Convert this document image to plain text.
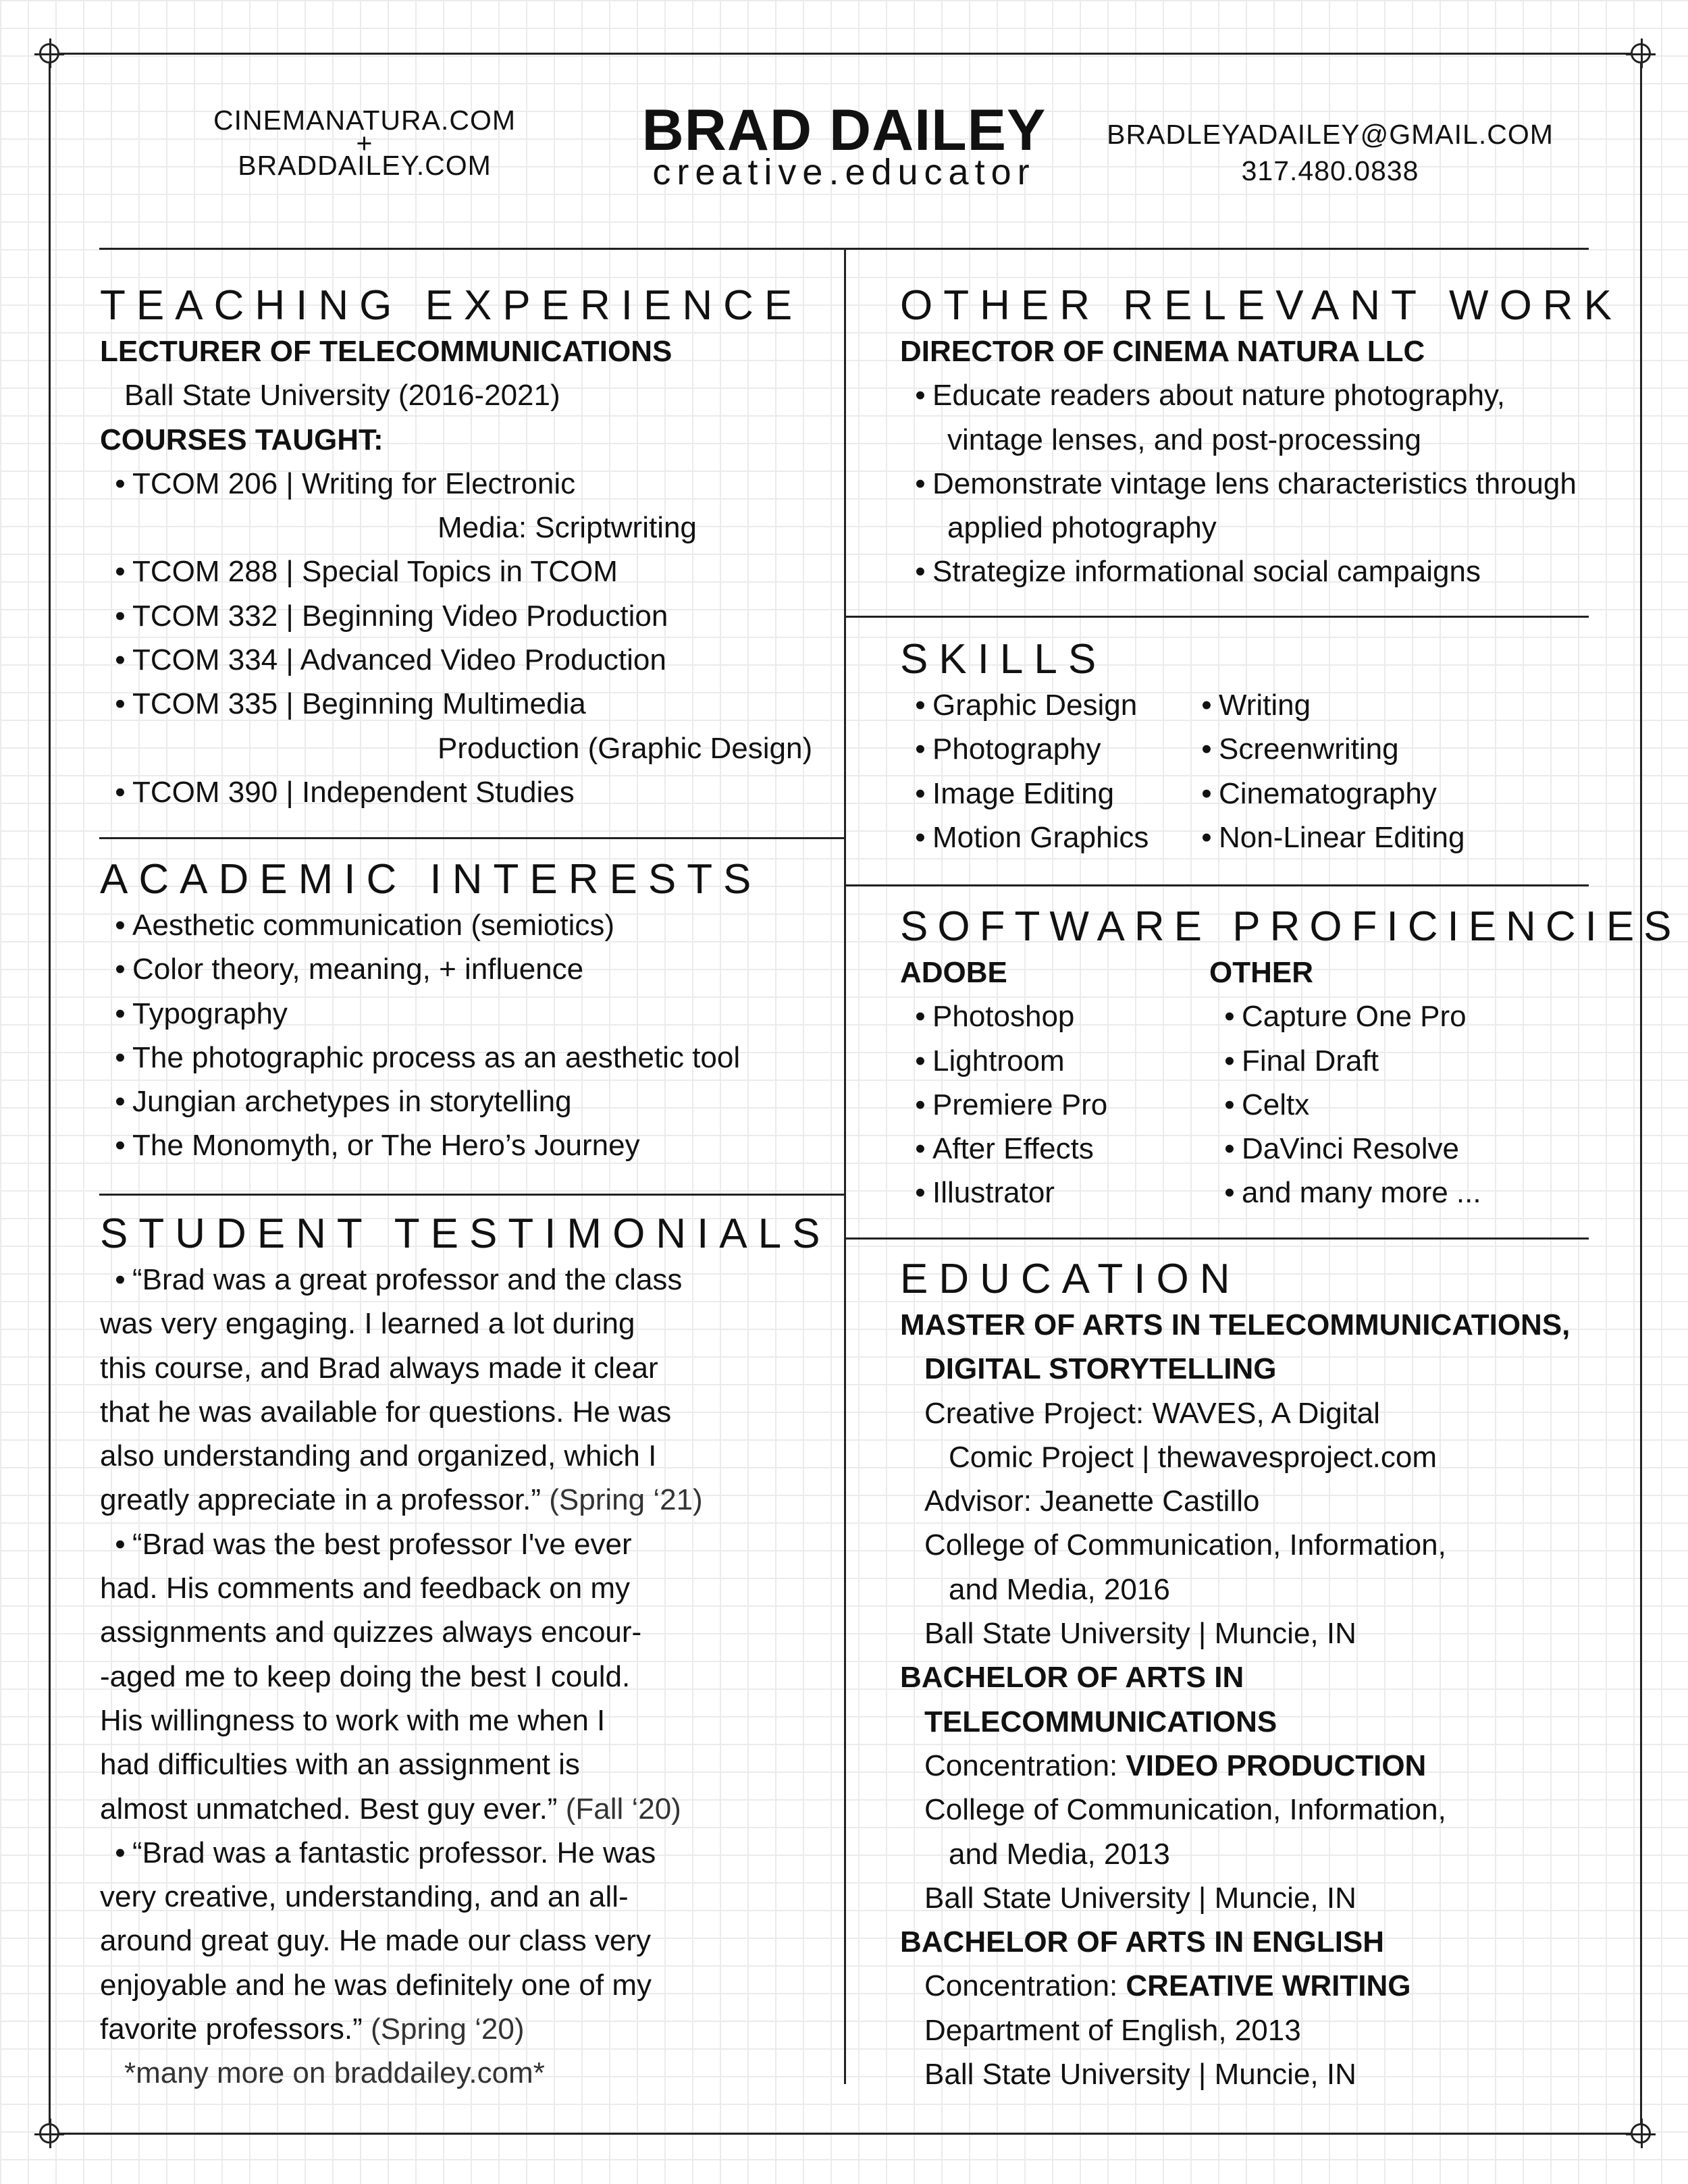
CINEMANATURA.COM
+
BRADDAILEY.COM
BRAD DAILEY
creative.educator
BRADLEYADAILEY@GMAIL.COM
317.480.0838
TEACHING EXPERIENCE
LECTURER OF TELECOMMUNICATIONS
Ball State University (2016-2021)
COURSES TAUGHT:
• TCOM 206 | Writing for Electronic
Media: Scriptwriting
• TCOM 288 | Special Topics in TCOM
• TCOM 332 | Beginning Video Production
• TCOM 334 | Advanced Video Production
• TCOM 335 | Beginning Multimedia
Production (Graphic Design)
• TCOM 390 | Independent Studies
ACADEMIC INTERESTS
• Aesthetic communication (semiotics)
• Color theory, meaning, + influence
• Typography
• The photographic process as an aesthetic tool
• Jungian archetypes in storytelling
• The Monomyth, or The Hero’s Journey
STUDENT TESTIMONIALS
• “Brad was a great professor and the class
was very engaging. I learned a lot during
this course, and Brad always made it clear
that he was available for questions. He was
also understanding and organized, which I
greatly appreciate in a professor.” (Spring ‘21)
• “Brad was the best professor I've ever
had. His comments and feedback on my
assignments and quizzes always encour-
-aged me to keep doing the best I could.
His willingness to work with me when I
had difficulties with an assignment is
almost unmatched. Best guy ever.” (Fall ‘20)
• “Brad was a fantastic professor. He was
very creative, understanding, and an all-
around great guy. He made our class very
enjoyable and he was definitely one of my
favorite professors.” (Spring ‘20)
*many more on braddailey.com*
OTHER RELEVANT WORK
DIRECTOR OF CINEMA NATURA LLC
• Educate readers about nature photography,
vintage lenses, and post-processing
• Demonstrate vintage lens characteristics through
applied photography
• Strategize informational social campaigns
SKILLS
• Graphic Design
• Photography
• Image Editing
• Motion Graphics
• Writing
• Screenwriting
• Cinematography
• Non-Linear Editing
SOFTWARE PROFICIENCIES
ADOBE
• Photoshop
• Lightroom
• Premiere Pro
• After Effects
• Illustrator
OTHER
• Capture One Pro
• Final Draft
• Celtx
• DaVinci Resolve
• and many more ...
EDUCATION
MASTER OF ARTS IN TELECOMMUNICATIONS,
DIGITAL STORYTELLING
Creative Project: WAVES, A Digital
Comic Project | thewavesproject.com
Advisor: Jeanette Castillo
College of Communication, Information,
and Media, 2016
Ball State University | Muncie, IN
BACHELOR OF ARTS IN
TELECOMMUNICATIONS
Concentration: VIDEO PRODUCTION
College of Communication, Information,
and Media, 2013
Ball State University | Muncie, IN
BACHELOR OF ARTS IN ENGLISH
Concentration: CREATIVE WRITING
Department of English, 2013
Ball State University | Muncie, IN
